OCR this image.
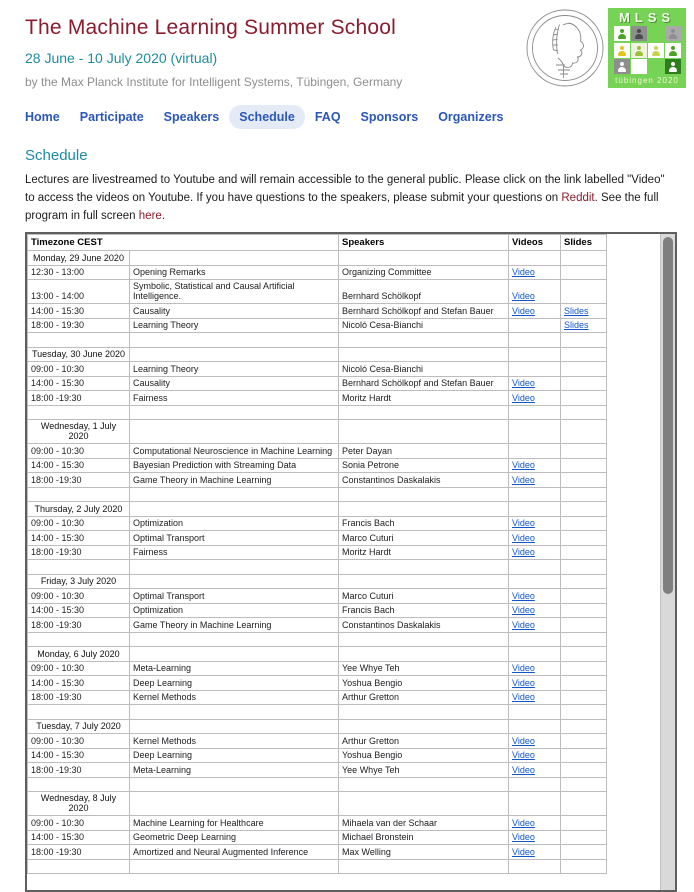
The Machine Learning Summer School
28 June - 10 July 2020 (virtual)
by the Max Planck Institute for Intelligent Systems, Tübingen, Germany
MLSS
tübingen 2020
Home	Participate	Speakers	Schedule	FAQ	Sponsors	Organizers
Schedule

Lectures are livestreamed to Youtube and will remain accessible to the general public. Please click on the link labelled "Video" to access the videos on Youtube. If you have questions to the speakers, please submit your questions on Reddit. See the full program in full screen here.

Timezone CEST		Speakers	Videos	Slides
Monday, 29 June 2020				
12:30 - 13:00	Opening Remarks	Organizing Committee	Video	
13:00 - 14:00	Symbolic, Statistical and Causal Artificial Intelligence.	Bernhard Schölkopf	Video	
14:00 - 15:30	Causality	Bernhard Schölkopf and Stefan Bauer	Video	Slides
18:00 - 19:30	Learning Theory	Nicoló Cesa-Bianchi		Slides

Tuesday, 30 June 2020				
09:00 - 10:30	Learning Theory	Nicoló Cesa-Bianchi		
14:00 - 15:30	Causality	Bernhard Schölkopf and Stefan Bauer	Video	
18:00 -19:30	Fairness	Moritz Hardt	Video	

Wednesday, 1 July 2020				
09:00 - 10:30	Computational Neuroscience in Machine Learning	Peter Dayan		
14:00 - 15:30	Bayesian Prediction with Streaming Data	Sonia Petrone	Video	
18:00 -19:30	Game Theory in Machine Learning	Constantinos Daskalakis	Video	

Thursday, 2 July 2020				
09:00 - 10:30	Optimization	Francis Bach	Video	
14:00 - 15:30	Optimal Transport	Marco Cuturi	Video	
18:00 -19:30	Fairness	Moritz Hardt	Video	

Friday, 3 July 2020				
09:00 - 10:30	Optimal Transport	Marco Cuturi	Video	
14:00 - 15:30	Optimization	Francis Bach	Video	
18:00 -19:30	Game Theory in Machine Learning	Constantinos Daskalakis	Video	

Monday, 6 July 2020				
09:00 - 10:30	Meta-Learning	Yee Whye Teh	Video	
14:00 - 15:30	Deep Learning	Yoshua Bengio	Video	
18:00 -19:30	Kernel Methods	Arthur Gretton	Video	

Tuesday, 7 July 2020				
09:00 - 10:30	Kernel Methods	Arthur Gretton	Video	
14:00 - 15:30	Deep Learning	Yoshua Bengio	Video	
18:00 -19:30	Meta-Learning	Yee Whye Teh	Video	

Wednesday, 8 July 2020				
09:00 - 10:30	Machine Learning for Healthcare	Mihaela van der Schaar	Video	
14:00 - 15:30	Geometric Deep Learning	Michael Bronstein	Video	
18:00 -19:30	Amortized and Neural Augmented Inference	Max Welling	Video	
